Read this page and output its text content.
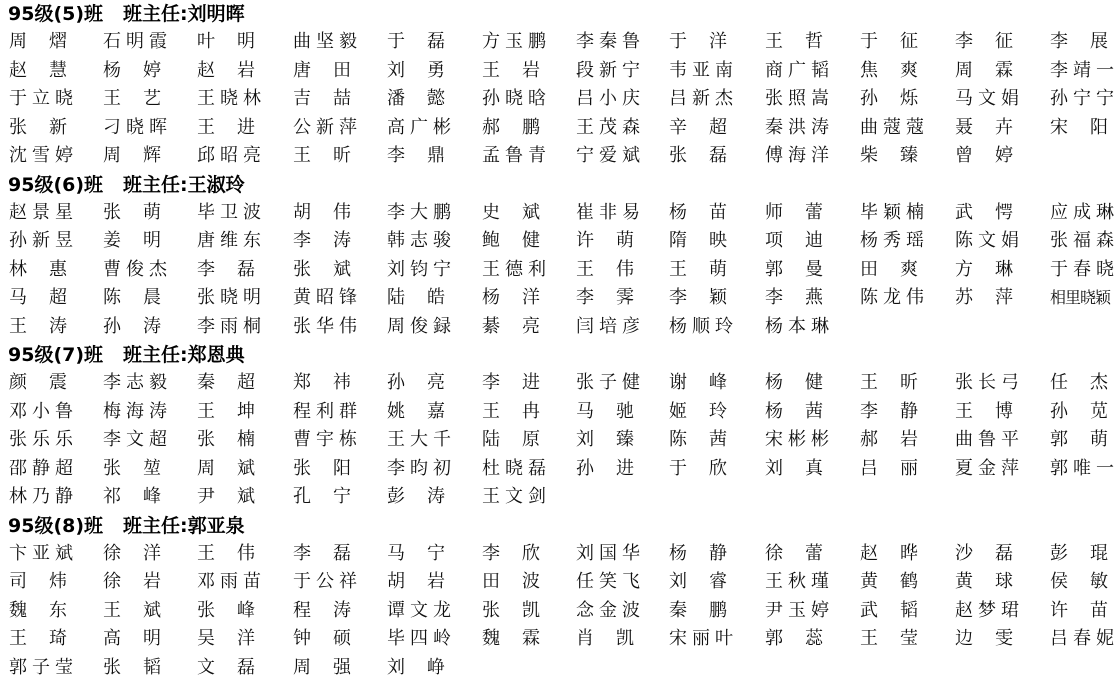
95级(5)班 班主任:刘明晖
周熠 石明霞 叶明 曲坚毅 于磊 方玉鹏 李秦鲁 于洋 王哲 于征 李征 李展
赵慧 杨婷 赵岩 唐田 刘勇 王岩 段新宁 韦亚南 商广韬 焦爽 周霖 李靖一
于立晓 王艺 王晓林 吉喆 潘懿 孙晓晗 吕小庆 吕新杰 张照嵩 孙烁 马文娟 孙宁宁
张新 刁晓晖 王进 公新萍 高广彬 郝鹏 王茂森 辛超 秦洪涛 曲蔻蔻 聂卉 宋阳
沈雪婷 周辉 邱昭亮 王昕 李鼎 孟鲁青 宁爱斌 张磊 傅海洋 柴臻 曾婷
95级(6)班 班主任:王淑玲
赵景星 张萌 毕卫波 胡伟 李大鹏 史斌 崔非易 杨苗 师蕾 毕颖楠 武愕 应成琳
孙新昱 姜明 唐维东 李涛 韩志骏 鲍健 许萌 隋映 项迪 杨秀瑶 陈文娟 张福森
林惠 曹俊杰 李磊 张斌 刘钧宁 王德利 王伟 王萌 郭曼 田爽 方琳 于春晓
马超 陈晨 张晓明 黄昭锋 陆皓 杨洋 李霁 李颖 李燕 陈龙伟 苏萍 相里晓颖
王涛 孙涛 李雨桐 张华伟 周俊録 綦亮 闫培彦 杨顺玲 杨本琳
95级(7)班 班主任:郑恩典
颜震 李志毅 秦超 郑祎 孙亮 李进 张子健 谢峰 杨健 王昕 张长弓 任杰
邓小鲁 梅海涛 王坤 程利群 姚嘉 王冉 马驰 姬玲 杨茜 李静 王博 孙苋
张乐乐 李文超 张楠 曹宇栋 王大千 陆原 刘臻 陈茜 宋彬彬 郝岩 曲鲁平 郭萌
邵静超 张堃 周斌 张阳 李昀初 杜晓磊 孙进 于欣 刘真 吕丽 夏金萍 郭唯一
林乃静 祁峰 尹斌 孔宁 彭涛 王文剑
95级(8)班 班主任:郭亚泉
卞亚斌 徐洋 王伟 李磊 马宁 李欣 刘国华 杨静 徐蕾 赵晔 沙磊 彭琨
司炜 徐岩 邓雨苗 于公祥 胡岩 田波 任笑飞 刘睿 王秋瑾 黄鹤 黄球 侯敏
魏东 王斌 张峰 程涛 谭文龙 张凯 念金波 秦鹏 尹玉婷 武韬 赵梦珺 许苗
王琦 高明 吴洋 钟硕 毕四岭 魏霖 肖凯 宋丽叶 郭蕊 王莹 边雯 吕春妮
郭子莹 张韬 文磊 周强 刘峥
